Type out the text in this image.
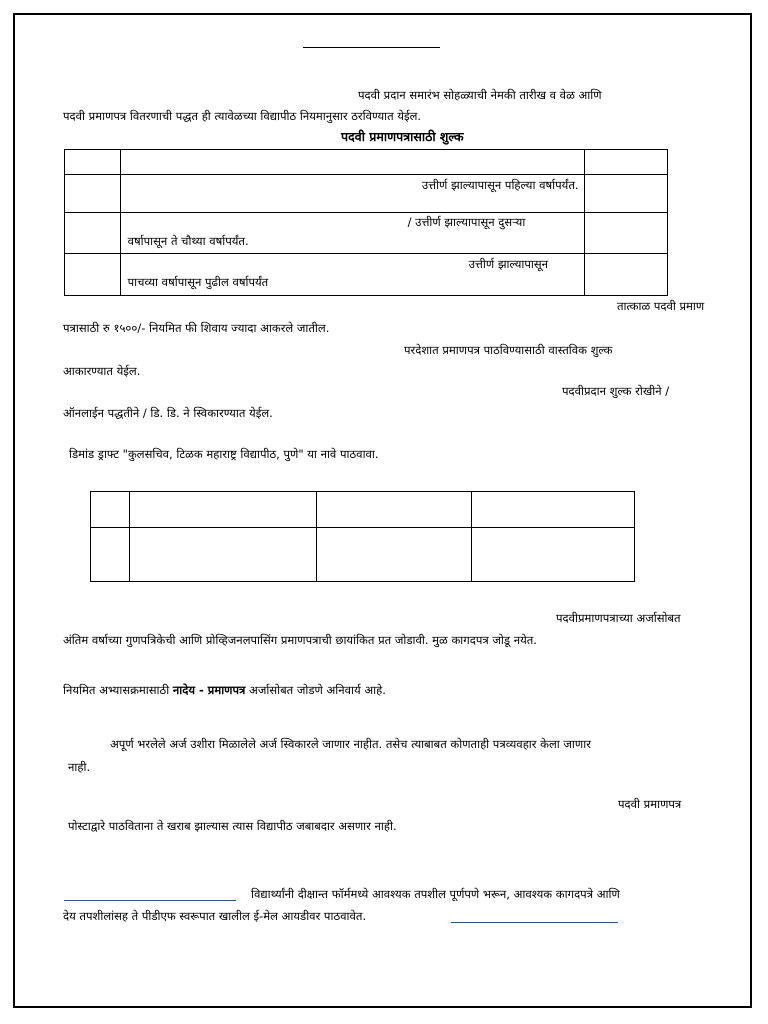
पदवी प्रदान समारंभ सोहळ्याची नेमकी तारीख व वेळ आणि
पदवी प्रमाणपत्र वितरणाची पद्धत ही त्यावेळच्या विद्यापीठ नियमानुसार ठरविण्यात येईल.
पदवी प्रमाणपत्रासाठी शुल्क

	उत्तीर्ण झाल्यापासून पहिल्या वर्षापर्यंत.	

	/ उत्तीर्ण झाल्यापासून दुसऱ्या
वर्षापासून ते चौथ्या वर्षापर्यंत.	

	उत्तीर्ण झाल्यापासून
पाचव्या वर्षापासून पुढील वर्षापर्यंत	

तात्काळ पदवी प्रमाण
पत्रासाठी रु १५००/- नियमित फी शिवाय ज्यादा आकरले जातील.
परदेशात प्रमाणपत्र पाठविण्यासाठी वास्तविक शुल्क
आकारण्यात येईल.
पदवीप्रदान शुल्क रोखीने /
ऑनलाईन पद्धतीने / डि. डि. ने स्विकारण्यात येईल.
डिमांड ड्राफ्ट "कुलसचिव, टिळक महाराष्ट्र विद्यापीठ, पुणे" या नावे पाठवावा.

पदवीप्रमाणपत्राच्या अर्जासोबत
अंतिम वर्षाच्या गुणपत्रिकेची आणि प्रोव्हिजनलपासिंग प्रमाणपत्राची छायांकित प्रत जोडावी. मुळ कागदपत्र जोडू नयेत.
नियमित अभ्यासक्रमासाठी नादेय - प्रमाणपत्र अर्जासोबत जोडणे अनिवार्य आहे.
अपूर्ण भरलेले अर्ज उशीरा मिळालेले अर्ज स्विकारले जाणार नाहीत. तसेच त्याबाबत कोणताही पत्रव्यवहार केला जाणार
नाही.
पदवी प्रमाणपत्र
पोस्टाद्वारे पाठविताना ते खराब झाल्यास त्यास विद्यापीठ जबाबदार असणार नाही.
विद्यार्थ्यांनी दीक्षान्त फॉर्ममध्ये आवश्यक तपशील पूर्णपणे भरून, आवश्यक कागदपत्रे आणि
देय तपशीलांसह ते पीडीएफ स्वरूपात खालील ई-मेल आयडीवर पाठवावेत.
